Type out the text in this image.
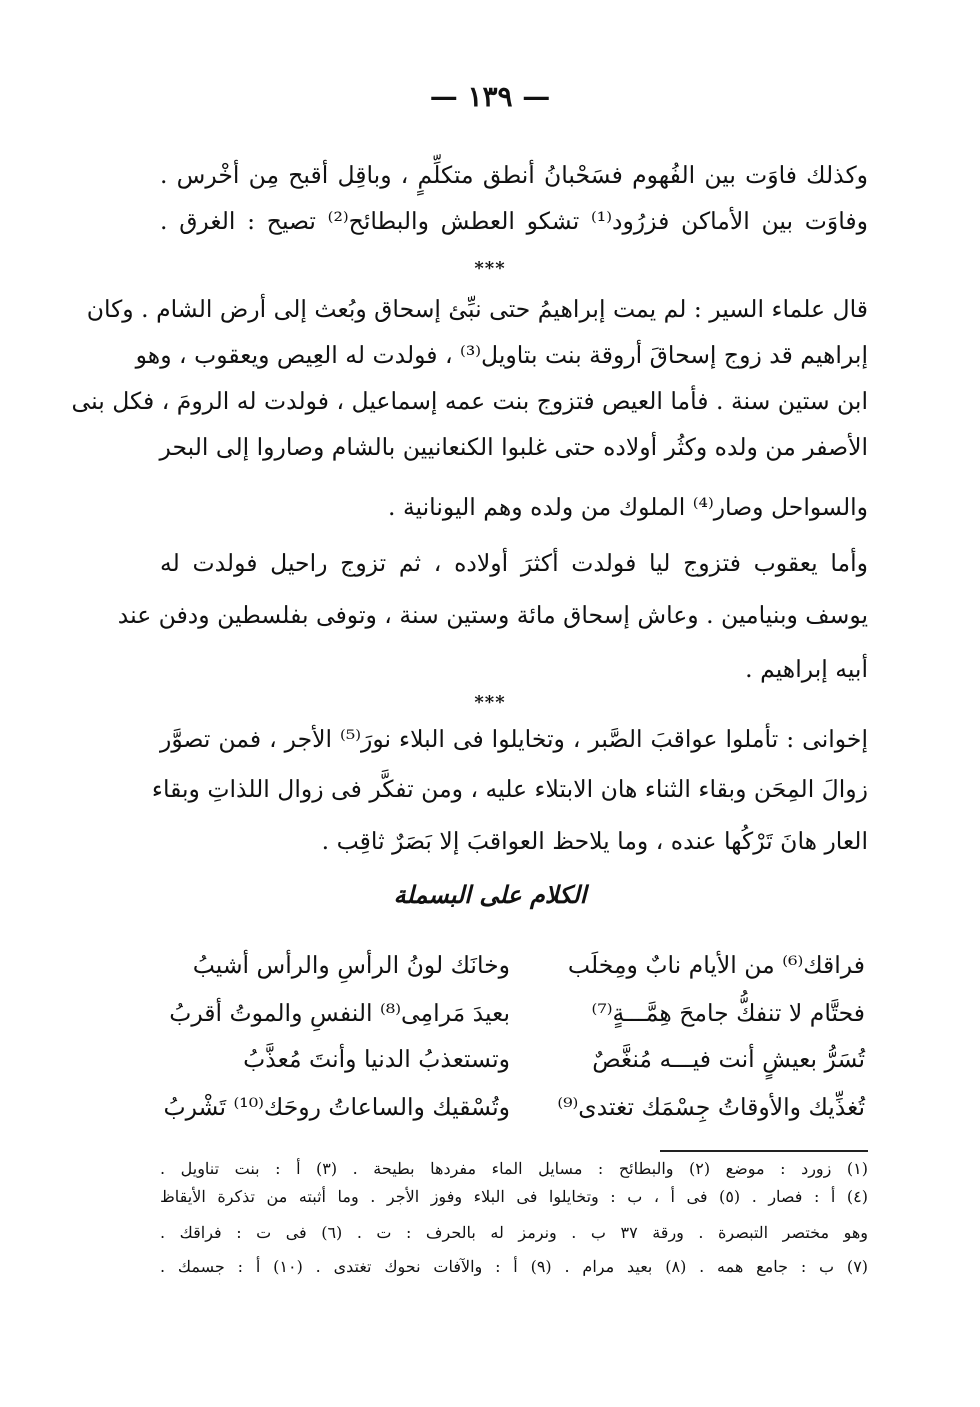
— ١٣٩ —
وكذلك فاوَت بين الفُهوم فسَحْبانُ أنطق متكلِّمٍ ، وباقِل أقبح مِن أخْرس .
وفاوَت بين الأماكن فزرُود⁽¹⁾ تشكو العطش والبطائح⁽²⁾ تصيح : الغرق .
***
قال علماء السير : لم يمت إبراهيمُ حتى نبِّئ إسحاق وبُعث إلى أرض الشام . وكان
إبراهيم قد زوج إسحاقَ أروقة بنت بتاويل⁽³⁾ ، فولدت له العِيص ويعقوب ، وهو
ابن ستين سنة . فأما العيص فتزوج بنت عمه إسماعيل ، فولدت له الرومَ ، فكل بنى
الأصفر من ولده وكثُر أولاده حتى غلبوا الكنعانيين بالشام وصاروا إلى البحر
والسواحل وصار⁽⁴⁾ الملوك من ولده وهم اليونانية .
وأما يعقوب فتزوج ليا فولدت أكثرَ أولاده ، ثم تزوج راحيل فولدت له
يوسف وبنيامين . وعاش إسحاق مائة وستين سنة ، وتوفى بفلسطين ودفن عند
أبيه إبراهيم .
***
إخوانى : تأملوا عواقبَ الصَّبر ، وتخايلوا فى البلاء نورَ⁽⁵⁾ الأجر ، فمن تصوَّر
زوالَ المِحَن وبقاء الثناء هان الابتلاء عليه ، ومن تفكَّر فى زوال اللذاتِ وبقاء
العار هانَ تَرْكُها عنده ، وما يلاحظ العواقبَ إلا بَصَرٌ ثاقِب .
الكلام على البسملة
فراقك⁽⁶⁾ من الأيام نابٌ ومِخلَب
وخانَك لونُ الرأسِ والرأس أشيبُ
فحتَّام لا تنفكُّ جامحَ هِمَّـــةٍ⁽⁷⁾
بعيدَ مَرامِى⁽⁸⁾ النفسِ والموتُ أقربُ
تُسَرُّ بعيشٍ أنت فيـــه مُنغَّصٌ
وتستعذبُ الدنيا وأنتَ مُعذَّبُ
تُغذِّيك والأوقاتُ جِسْمَك تغتدى⁽⁹⁾
وتُسْقيك والساعاتُ روحَك⁽¹⁰⁾ تَشْربُ
(١) زورد : موضع (٢) والبطائح : مسايل الماء مفردها بطيحة . (٣) أ : بنت تناويل .
(٤) أ : فصار . (٥) فى أ ، ب : وتخايلوا فى البلاء وفوز الأجر . وما أثبته من تذكرة الأيقاظ
وهو مختصر التبصرة . ورقة ٣٧ ب . ونرمز له بالحرف : ت . (٦) فى ت : فراقك .
(٧) ب : جامع همه . (٨) بعيد مرام . (٩) أ : والآفات نحوك تغتدى . (١٠) أ : جسمك .
